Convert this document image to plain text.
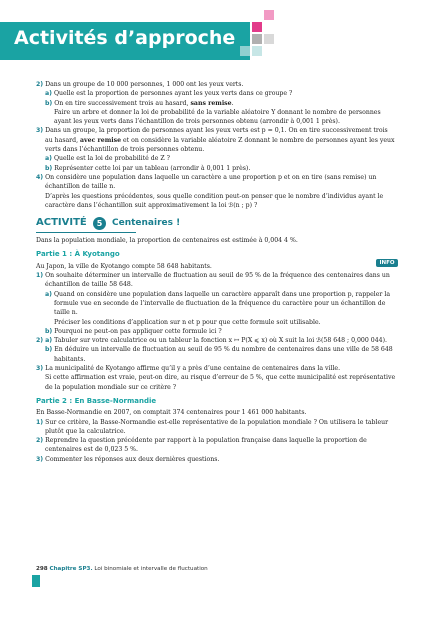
Activités d’approche

2) Dans un groupe de 10 000 personnes, 1 000 ont les yeux verts.

a) Quelle est la proportion de personnes ayant les yeux verts dans ce groupe ?

b) On en tire successivement trois au hasard, sans remise.

Faire un arbre et donner la loi de probabilité de la variable aléatoire Y donnant le nombre de personnes ayant les yeux verts dans l’échantillon de trois personnes obtenu (arrondir à 0,001 1 près).

3) Dans un groupe, la proportion de personnes ayant les yeux verts est p = 0,1. On en tire successivement trois au hasard, avec remise et on considère la variable aléatoire Z donnant le nombre de personnes ayant les yeux verts dans l’échantillon de trois personnes obtenu.

a) Quelle est la loi de probabilité de Z ?

b) Représenter cette loi par un tableau (arrondir à 0,001 1 près).

4) On considère une population dans laquelle un caractère a une proportion p et on en tire (sans remise) un échantillon de taille n.

D’après les questions précédentes, sous quelle condition peut-on penser que le nombre d’individus ayant le caractère dans l’échantillon suit approximativement la loi ℬ(n ; p) ?

ACTIVITÉ	5	Centenaires !

Dans la population mondiale, la proportion de centenaires est estimée à 0,004 4 %.

Partie 1 : À Kyotango

Au Japon, la ville de Kyotango compte 58 648 habitants.

1) On souhaite déterminer un intervalle de fluctuation au seuil de 95 % de la fréquence des centenaires dans un échantillon de taille 58 648.

a) Quand on considère une population dans laquelle un caractère apparaît dans une proportion p, rappeler la formule vue en seconde de l’intervalle de fluctuation de la fréquence du caractère pour un échantillon de taille n.

Préciser les conditions d’application sur n et p pour que cette formule soit utilisable.

b) Pourquoi ne peut-on pas appliquer cette formule ici ?

2) a) Tabuler sur votre calculatrice ou un tableur la fonction x ↦ P(X ⩽ x) où X suit la loi ℬ(58 648 ; 0,000 044).

b) En déduire un intervalle de fluctuation au seuil de 95 % du nombre de centenaires dans une ville de 58 648 habitants.

3) La municipalité de Kyotango affirme qu’il y a près d’une centaine de centenaires dans la ville.

Si cette affirmation est vraie, peut-on dire, au risque d’erreur de 5 %, que cette municipalité est représentative de la population mondiale sur ce critère ?

Partie 2 : En Basse-Normandie

En Basse-Normandie en 2007, on comptait 374 centenaires pour 1 461 000 habitants.

1) Sur ce critère, la Basse-Normandie est-elle représentative de la population mondiale ? On utilisera le tableur plutôt que la calculatrice.

2) Reprendre la question précédente par rapport à la population française dans laquelle la proportion de centenaires est de 0,023 5 %.

3) Commenter les réponses aux deux dernières questions.

INFO
298 Chapitre SP3. Loi binomiale et intervalle de fluctuation
